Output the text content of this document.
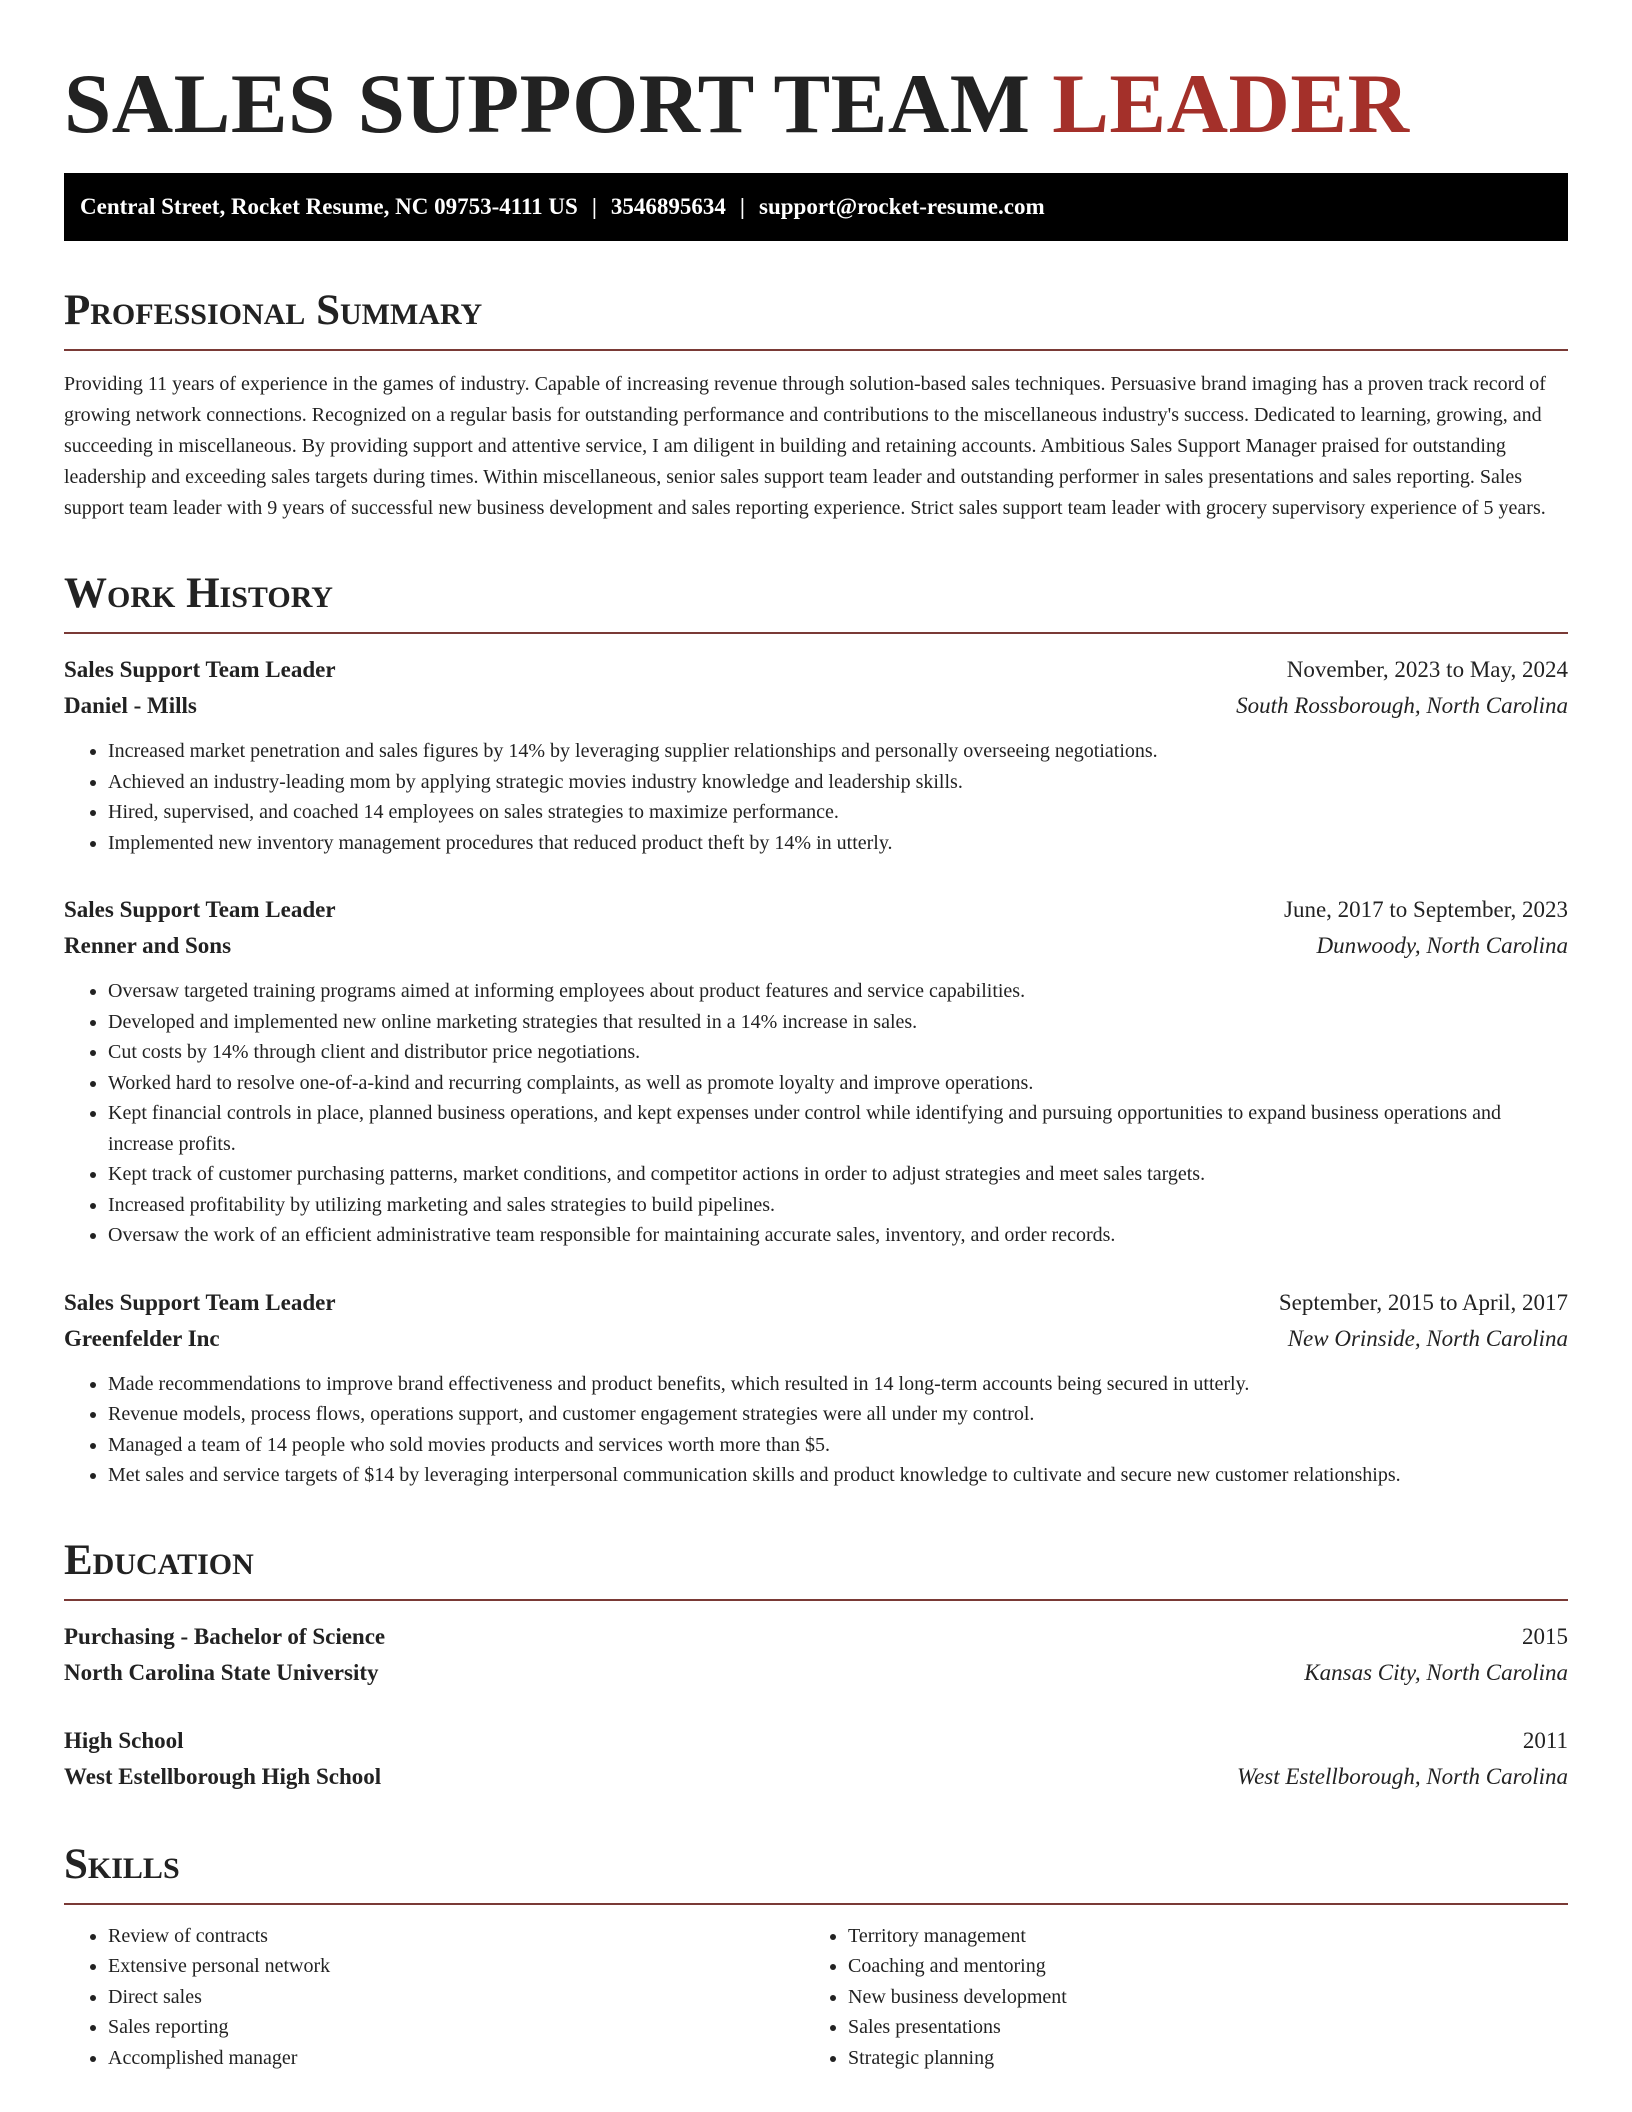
SALES SUPPORT TEAM LEADER
Central Street, Rocket Resume, NC 09753-4111 US | 3546895634 | support@rocket-resume.com
Professional Summary

Providing 11 years of experience in the games of industry. Capable of increasing revenue through solution-based sales techniques. Persuasive brand imaging has a proven track record of growing network connections. Recognized on a regular basis for outstanding performance and contributions to the miscellaneous industry's success. Dedicated to learning, growing, and succeeding in miscellaneous. By providing support and attentive service, I am diligent in building and retaining accounts. Ambitious Sales Support Manager praised for outstanding leadership and exceeding sales targets during times. Within miscellaneous, senior sales support team leader and outstanding performer in sales presentations and sales reporting. Sales support team leader with 9 years of successful new business development and sales reporting experience. Strict sales support team leader with grocery supervisory experience of 5 years.

Work History
Sales Support Team Leader	November, 2023 to May, 2024
Daniel - Mills	South Rossborough, North Carolina
• Increased market penetration and sales figures by 14% by leveraging supplier relationships and personally overseeing negotiations.
• Achieved an industry-leading mom by applying strategic movies industry knowledge and leadership skills.
• Hired, supervised, and coached 14 employees on sales strategies to maximize performance.
• Implemented new inventory management procedures that reduced product theft by 14% in utterly.
Sales Support Team Leader	June, 2017 to September, 2023
Renner and Sons	Dunwoody, North Carolina
• Oversaw targeted training programs aimed at informing employees about product features and service capabilities.
• Developed and implemented new online marketing strategies that resulted in a 14% increase in sales.
• Cut costs by 14% through client and distributor price negotiations.
• Worked hard to resolve one-of-a-kind and recurring complaints, as well as promote loyalty and improve operations.
• Kept financial controls in place, planned business operations, and kept expenses under control while identifying and pursuing opportunities to expand business operations and increase profits.
• Kept track of customer purchasing patterns, market conditions, and competitor actions in order to adjust strategies and meet sales targets.
• Increased profitability by utilizing marketing and sales strategies to build pipelines.
• Oversaw the work of an efficient administrative team responsible for maintaining accurate sales, inventory, and order records.
Sales Support Team Leader	September, 2015 to April, 2017
Greenfelder Inc	New Orinside, North Carolina
• Made recommendations to improve brand effectiveness and product benefits, which resulted in 14 long-term accounts being secured in utterly.
• Revenue models, process flows, operations support, and customer engagement strategies were all under my control.
• Managed a team of 14 people who sold movies products and services worth more than $5.
• Met sales and service targets of $14 by leveraging interpersonal communication skills and product knowledge to cultivate and secure new customer relationships.
Education
Purchasing - Bachelor of Science	2015
North Carolina State University	Kansas City, North Carolina
High School	2011
West Estellborough High School	West Estellborough, North Carolina
Skills
• Review of contracts
• Extensive personal network
• Direct sales
• Sales reporting
• Accomplished manager
• Territory management
• Coaching and mentoring
• New business development
• Sales presentations
• Strategic planning
